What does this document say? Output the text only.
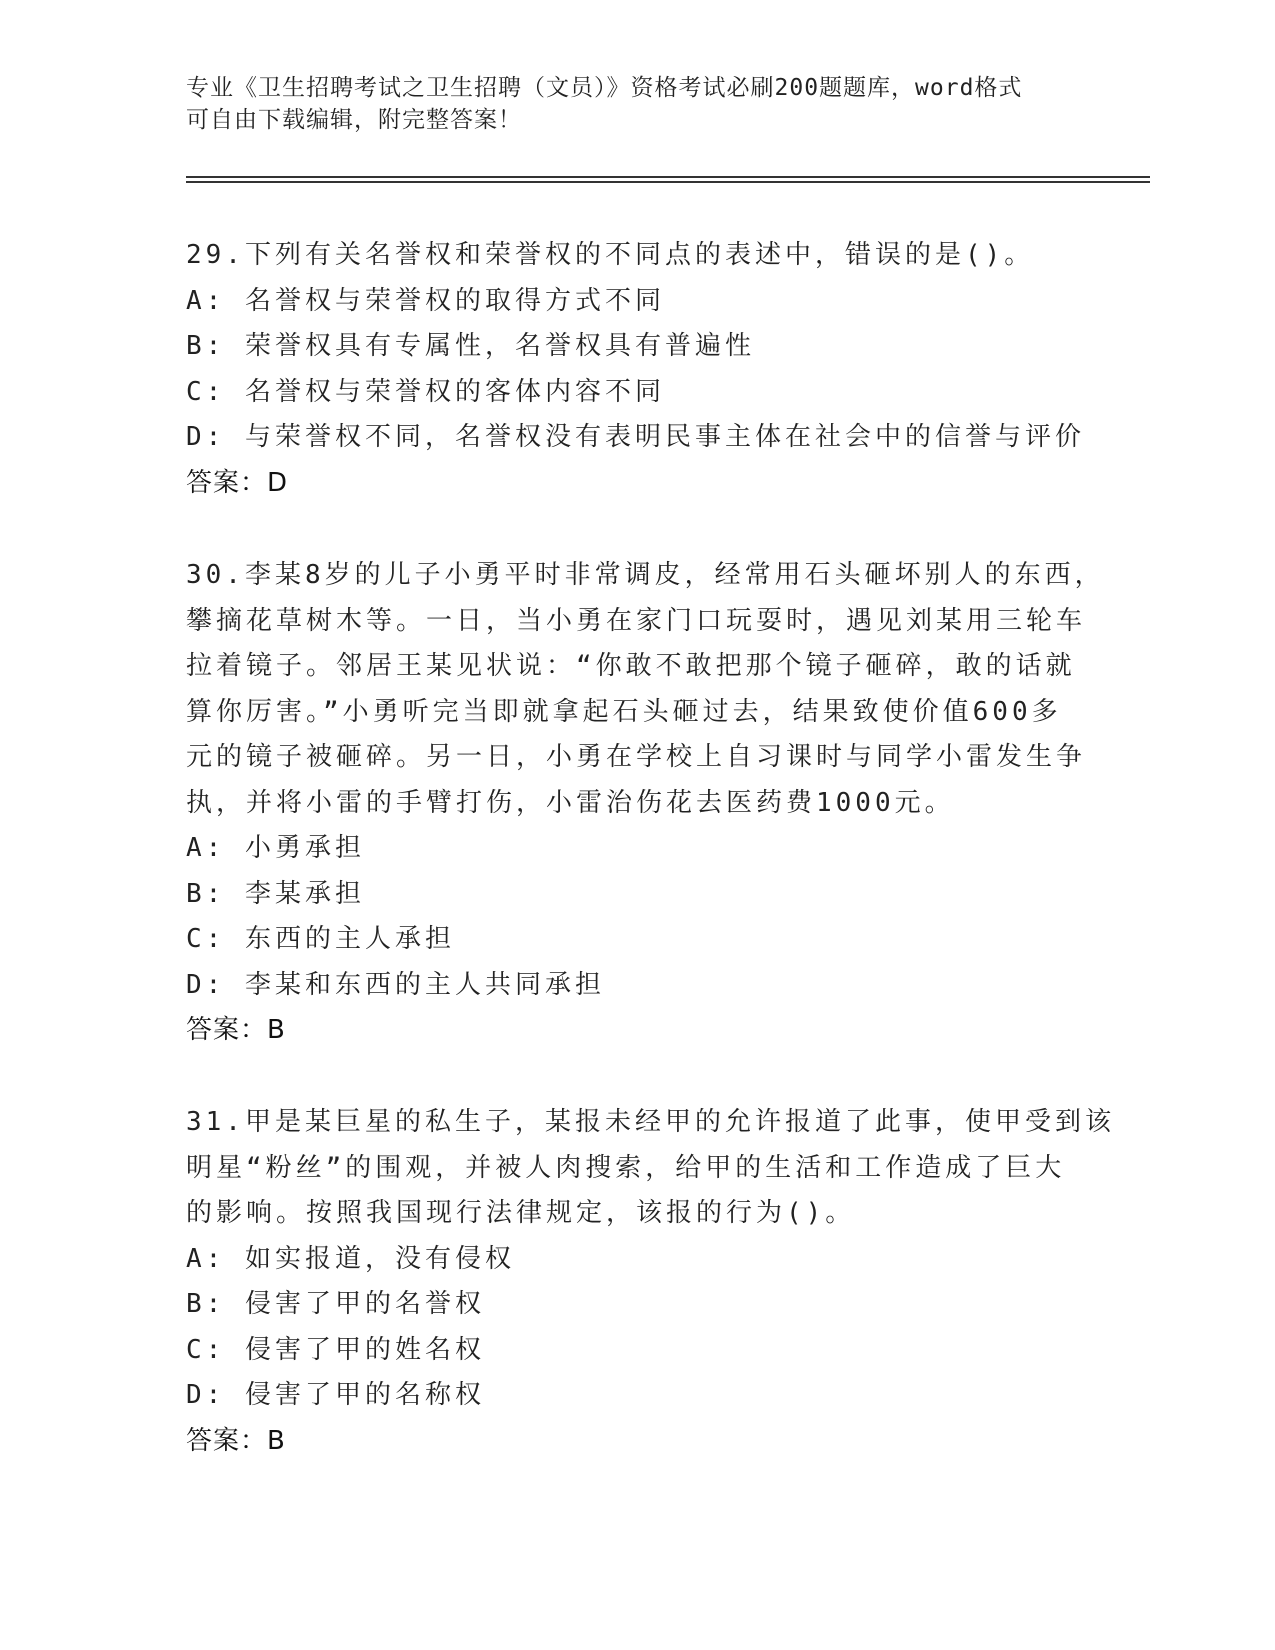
专业《卫生招聘考试之卫生招聘（文员）》资格考试必刷200题题库，word格式
可自由下载编辑，附完整答案！
29.下列有关名誉权和荣誉权的不同点的表述中，错误的是()。
A: 名誉权与荣誉权的取得方式不同
B: 荣誉权具有专属性，名誉权具有普遍性
C: 名誉权与荣誉权的客体内容不同
D: 与荣誉权不同，名誉权没有表明民事主体在社会中的信誉与评价
答案：D
30.李某8岁的儿子小勇平时非常调皮，经常用石头砸坏别人的东西，
攀摘花草树木等。一日，当小勇在家门口玩耍时，遇见刘某用三轮车
拉着镜子。邻居王某见状说：“你敢不敢把那个镜子砸碎，敢的话就
算你厉害。”小勇听完当即就拿起石头砸过去，结果致使价值600多
元的镜子被砸碎。另一日，小勇在学校上自习课时与同学小雷发生争
执，并将小雷的手臂打伤，小雷治伤花去医药费1000元。
A: 小勇承担
B: 李某承担
C: 东西的主人承担
D: 李某和东西的主人共同承担
答案：B
31.甲是某巨星的私生子，某报未经甲的允许报道了此事，使甲受到该
明星“粉丝”的围观，并被人肉搜索，给甲的生活和工作造成了巨大
的影响。按照我国现行法律规定，该报的行为()。
A: 如实报道，没有侵权
B: 侵害了甲的名誉权
C: 侵害了甲的姓名权
D: 侵害了甲的名称权
答案：B
